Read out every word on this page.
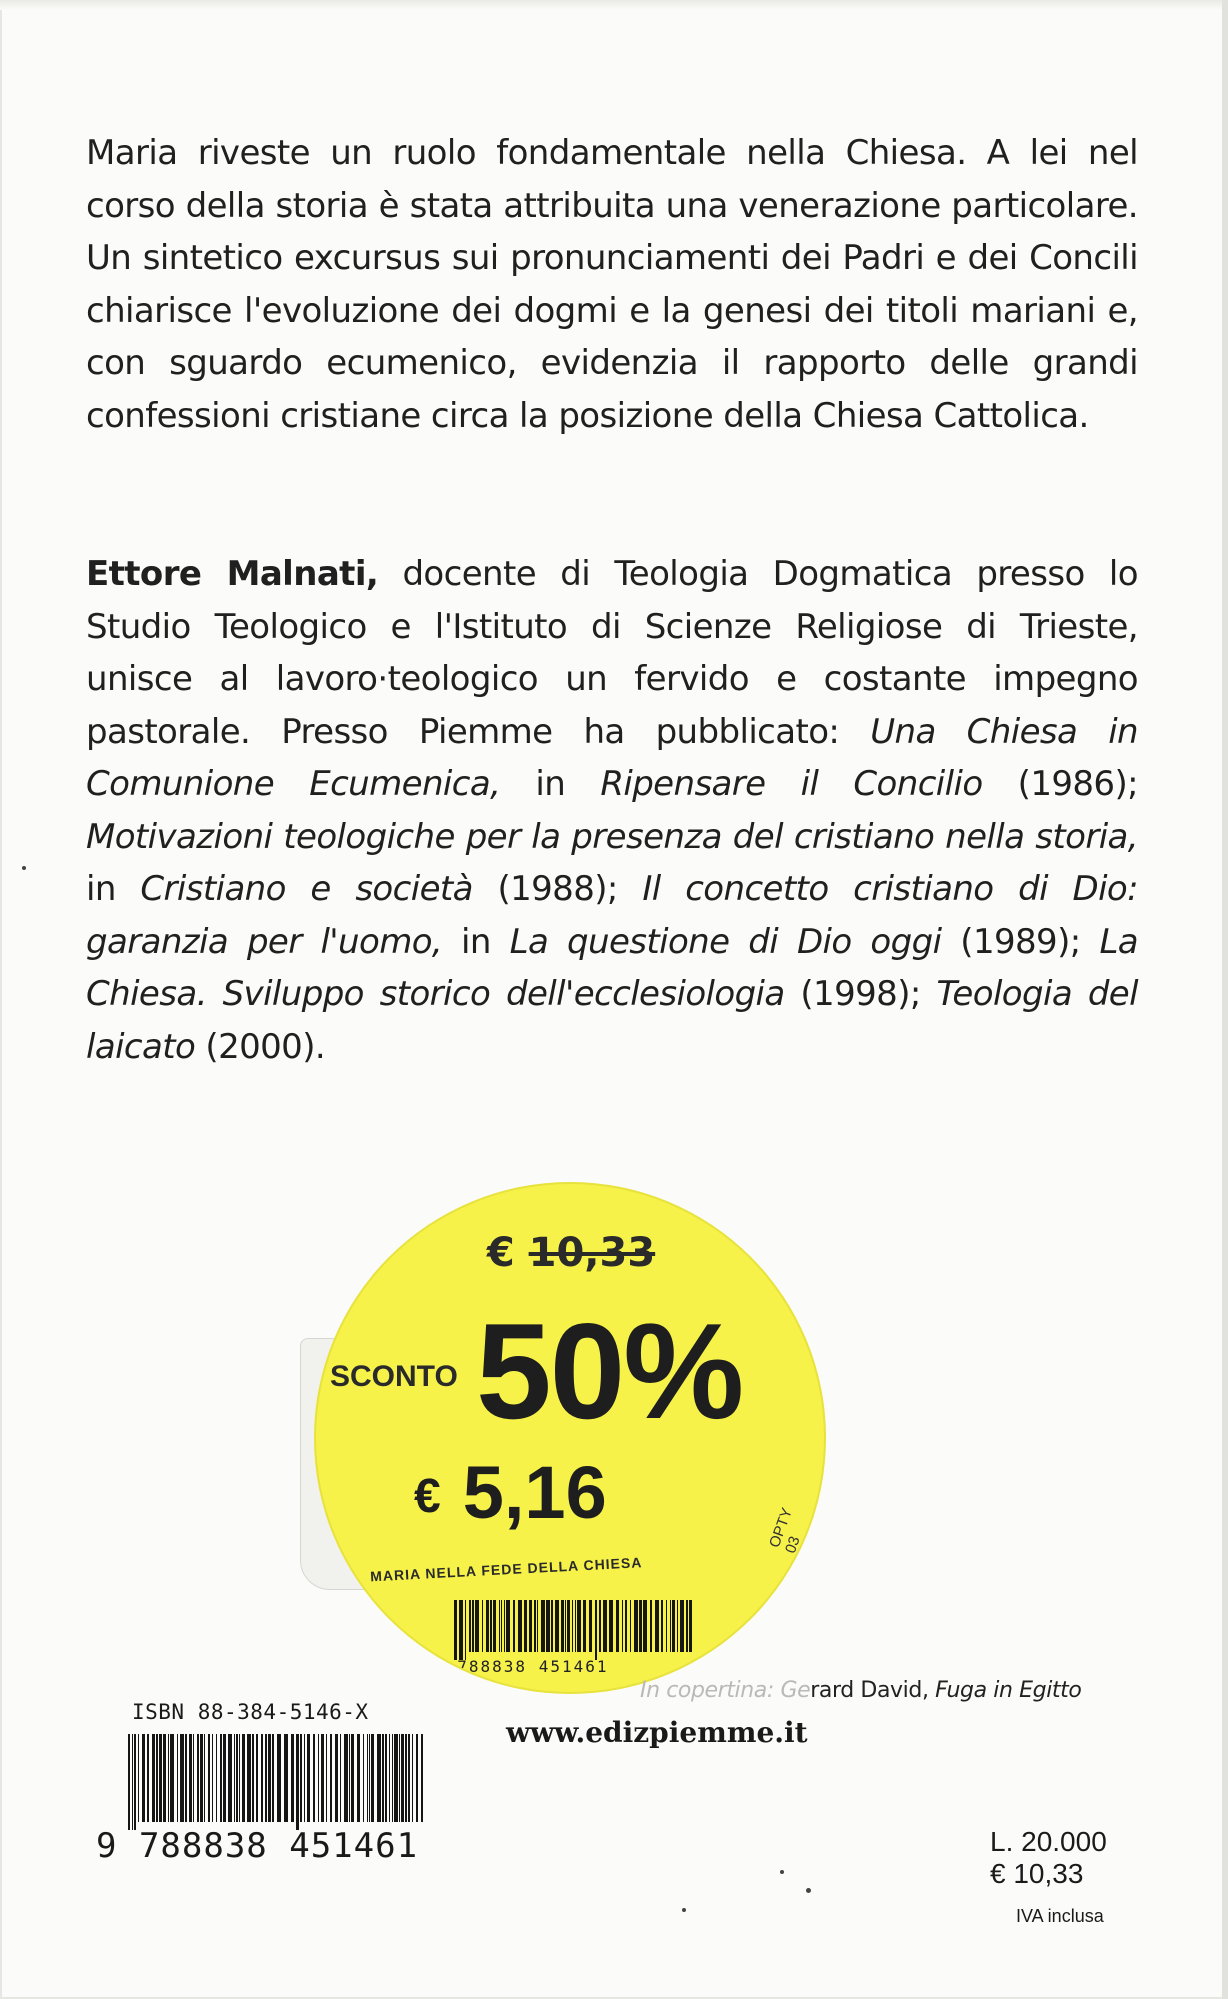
Maria riveste un ruolo fondamentale nella Chiesa. A lei nel corso della storia è stata attribuita una venerazione particolare. Un sintetico excursus sui pronunciamenti dei Padri e dei Concili chiarisce l'evoluzione dei dogmi e la genesi dei titoli mariani e, con sguardo ecumenico, evidenzia il rapporto delle grandi confessioni cristiane circa la posizione della Chiesa Cattolica.

Ettore Malnati, docente di Teologia Dogmatica presso lo Studio Teologico e l'Istituto di Scienze Religiose di Trieste, unisce al lavoro·teologico un fervido e costante impegno pastorale. Presso Piemme ha pubblicato: Una Chiesa in Comunione Ecumenica, in Ripensare il Concilio (1986); Motivazioni teologiche per la presenza del cristiano nella storia, in Cristiano e società (1988); Il concetto cristiano di Dio: garanzia per l'uomo, in La questione di Dio oggi (1989); La Chiesa. Sviluppo storico dell'ecclesiologia (1998); Teologia del laicato (2000).

€ 10,33
SCONTO 50%
€ 5,16
MARIA NELLA FEDE DELLA CHIESA
OPTY 03
9 788838 451461
In copertina: Gerard David, Fuga in Egitto
www.edizpiemme.it
ISBN 88-384-5146-X
9 788838 451461	L. 20.000
€ 10,33
IVA inclusa
